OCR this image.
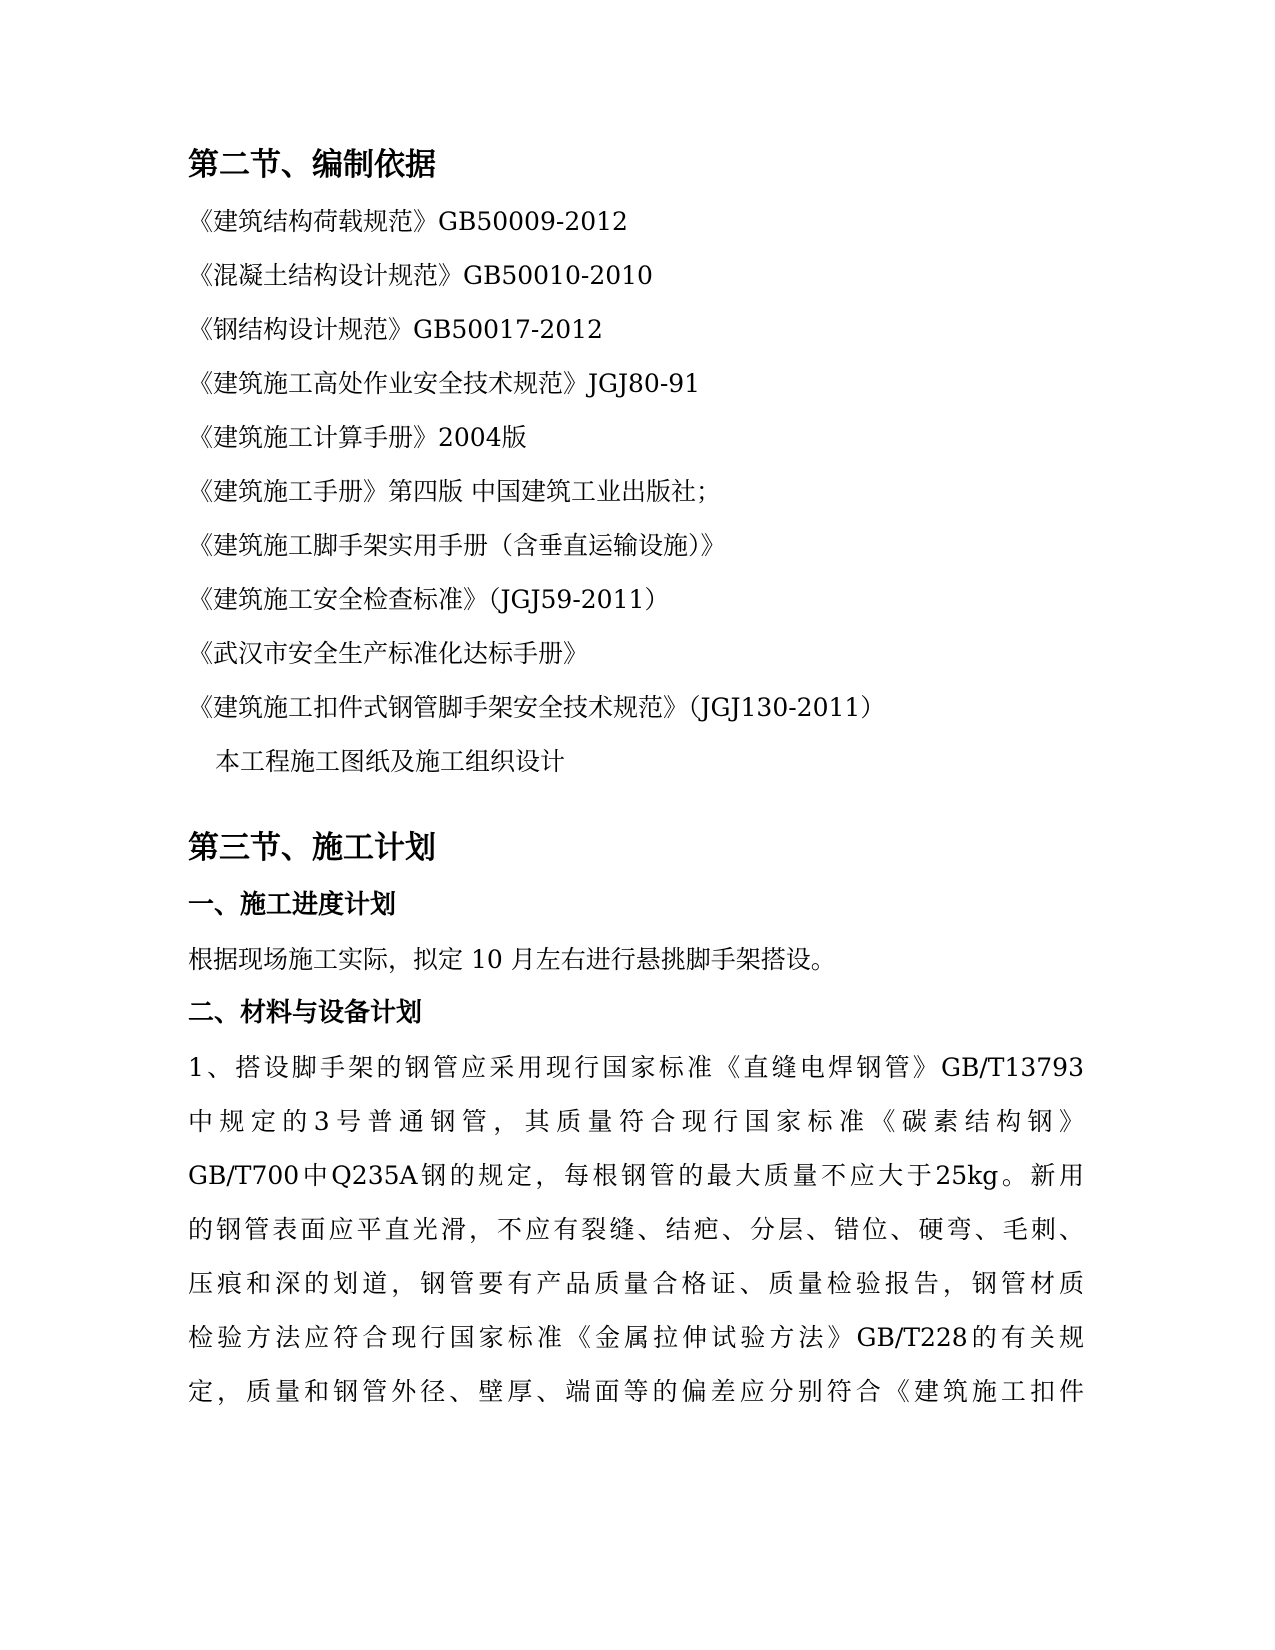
第二节、编制依据
《建筑结构荷载规范》GB50009-2012
《混凝土结构设计规范》GB50010-2010
《钢结构设计规范》GB50017-2012
《建筑施工高处作业安全技术规范》JGJ80-91
《建筑施工计算手册》2004版
《建筑施工手册》第四版 中国建筑工业出版社；
《建筑施工脚手架实用手册（含垂直运输设施）》
《建筑施工安全检查标准》（JGJ59-2011）
《武汉市安全生产标准化达标手册》
《建筑施工扣件式钢管脚手架安全技术规范》（JGJ130-2011）
本工程施工图纸及施工组织设计
第三节、施工计划
一、施工进度计划
根据现场施工实际，拟定 10 月左右进行悬挑脚手架搭设。
二、材料与设备计划
1、搭设脚手架的钢管应采用现行国家标准《直缝电焊钢管》GB/T13793
中规定的3号普通钢管，其质量符合现行国家标准《碳素结构钢》
GB/T700中Q235A钢的规定，每根钢管的最大质量不应大于25kg。新用
的钢管表面应平直光滑，不应有裂缝、结疤、分层、错位、硬弯、毛刺、
压痕和深的划道，钢管要有产品质量合格证、质量检验报告，钢管材质
检验方法应符合现行国家标准《金属拉伸试验方法》GB/T228的有关规
定，质量和钢管外径、壁厚、端面等的偏差应分别符合《建筑施工扣件
